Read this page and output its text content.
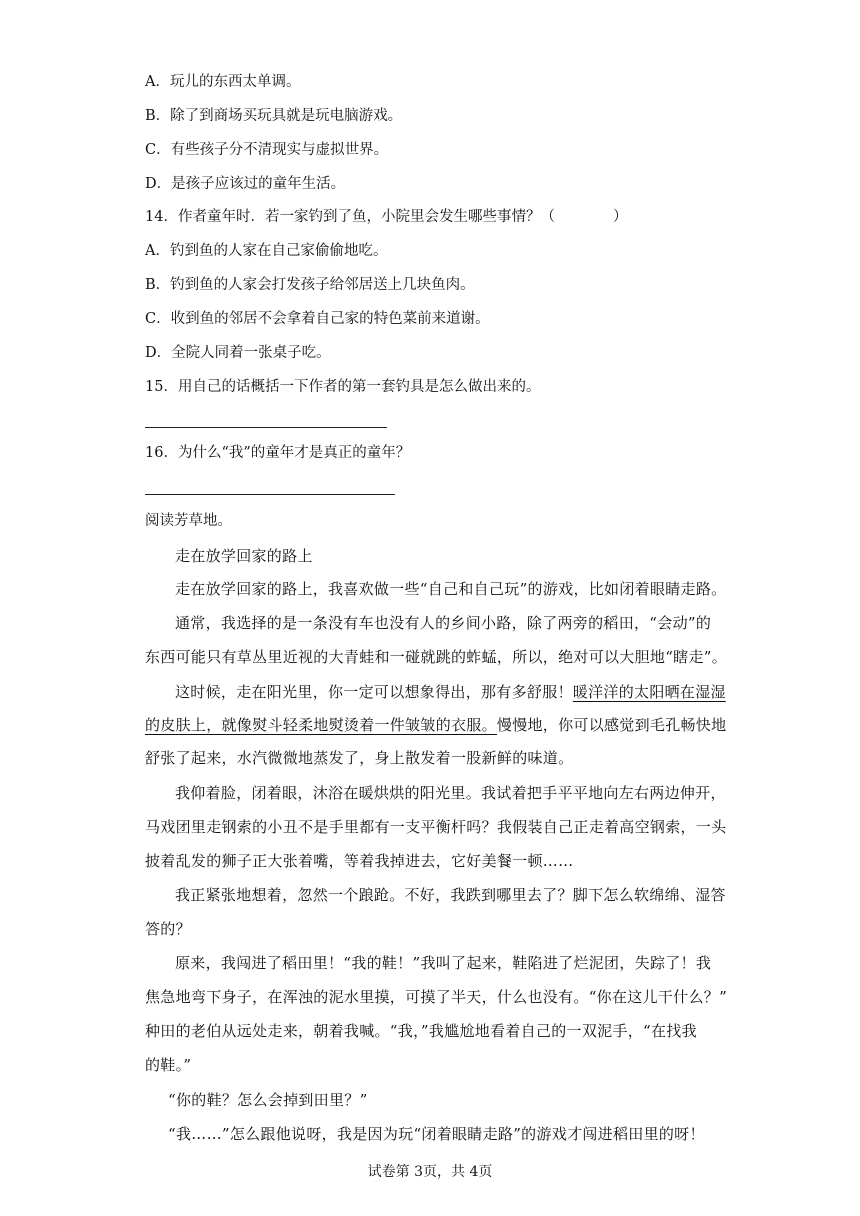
A．玩儿的东西太单调。
B．除了到商场买玩具就是玩电脑游戏。
C．有些孩子分不清现实与虚拟世界。
D．是孩子应该过的童年生活。
14．作者童年时．若一家钓到了鱼，小院里会发生哪些事情？（　　　　）
A．钓到鱼的人家在自己家偷偷地吃。
B．钓到鱼的人家会打发孩子给邻居送上几块鱼肉。
C．收到鱼的邻居不会拿着自己家的特色菜前来道谢。
D．全院人同着一张桌子吃。
15．用自己的话概括一下作者的第一套钓具是怎么做出来的。
16．为什么“我”的童年才是真正的童年？
阅读芳草地。
走在放学回家的路上
走在放学回家的路上，我喜欢做一些“自己和自己玩”的游戏，比如闭着眼睛走路。
通常，我选择的是一条没有车也没有人的乡间小路，除了两旁的稻田，“会动”的
东西可能只有草丛里近视的大青蛙和一碰就跳的蚱蜢，所以，绝对可以大胆地“瞎走”。
这时候，走在阳光里，你一定可以想象得出，那有多舒服！暖洋洋的太阳晒在湿湿
的皮肤上，就像熨斗轻柔地熨烫着一件皱皱的衣服。慢慢地，你可以感觉到毛孔畅快地
舒张了起来，水汽微微地蒸发了，身上散发着一股新鲜的味道。
我仰着脸，闭着眼，沐浴在暖烘烘的阳光里。我试着把手平平地向左右两边伸开，
马戏团里走钢索的小丑不是手里都有一支平衡杆吗？我假装自己正走着高空钢索，一头
披着乱发的狮子正大张着嘴，等着我掉进去，它好美餐一顿……
我正紧张地想着，忽然一个踉跄。不好，我跌到哪里去了？脚下怎么软绵绵、湿答
答的？
原来，我闯进了稻田里！“我的鞋！”我叫了起来，鞋陷进了烂泥团，失踪了！我
焦急地弯下身子，在浑浊的泥水里摸，可摸了半天，什么也没有。“你在这儿干什么？”
种田的老伯从远处走来，朝着我喊。“我，”我尴尬地看着自己的一双泥手，“在找我
的鞋。”
“你的鞋？怎么会掉到田里？”
“我……”怎么跟他说呀，我是因为玩“闭着眼睛走路”的游戏才闯进稻田里的呀！
试卷第 3页，共 4页
